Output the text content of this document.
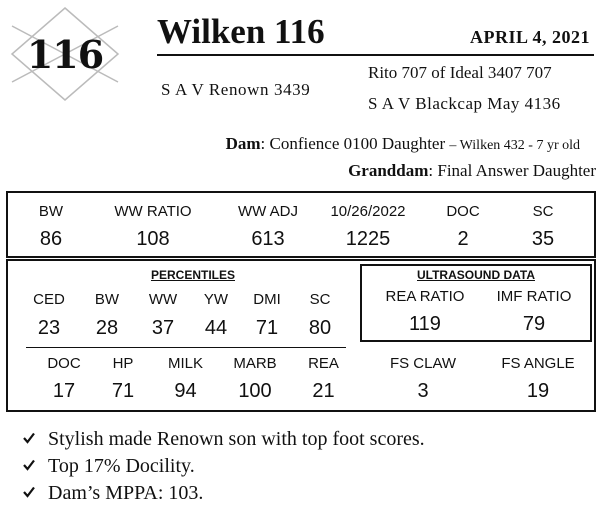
116
Wilken 116	APRIL 4, 2021
S A V Renown 3439
Rito 707 of Ideal 3407 707
S A V Blackcap May 4136
Dam: Confience 0100 Daughter – Wilken 432 - 7 yr old
Granddam: Final Answer Daughter
BW	WW RATIO	WW ADJ	10/26/2022	DOC	SC
86	108	613	1225	2	35
PERCENTILES
CED	BW	WW	YW	DMI	SC
23	28	37	44	71	80
DOC	HP	MILK	MARB	REA
17	71	94	100	21
FS CLAW	FS ANGLE
3	19
ULTRASOUND DATA
REA RATIO	IMF RATIO
119	79
Stylish made Renown son with top foot scores.
Top 17% Docility.
Dam’s MPPA: 103.
